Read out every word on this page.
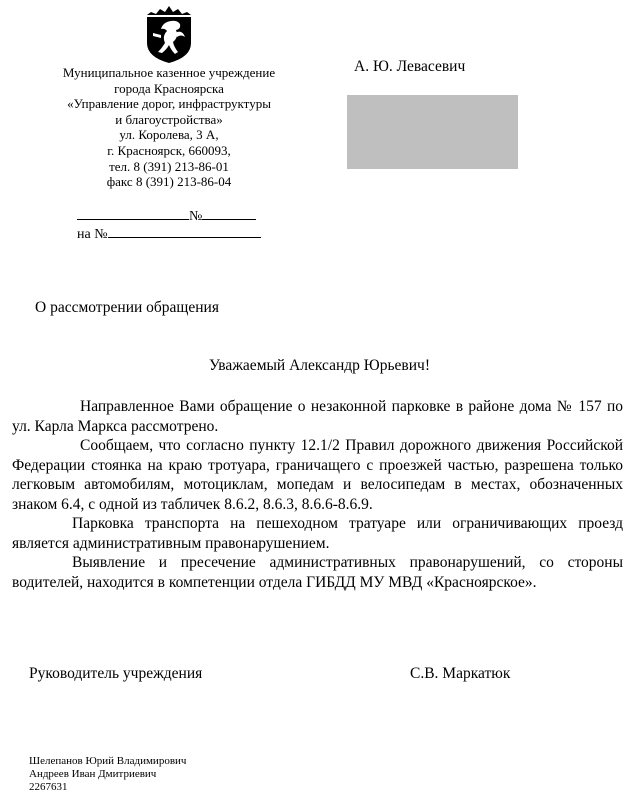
Муниципальное казенное учреждение
города Красноярска
«Управление дорог, инфраструктуры
и благоустройства»
ул. Королева, 3 А,
г. Красноярск, 660093,
тел. 8 (391) 213-86-01
факс 8 (391) 213-86-04
А. Ю. Левасевич
№
на №
О рассмотрении обращения
Уважаемый Александр Юрьевич!

Направленное Вами обращение о незаконной парковке в районе дома № 157 по ул. Карла Маркса рассмотрено.

Сообщаем, что согласно пункту 12.1/2 Правил дорожного движения Российской Федерации стоянка на краю тротуара, граничащего с проезжей частью, разрешена только легковым автомобилям, мотоциклам, мопедам и велосипедам в местах, обозначенных знаком 6.4, с одной из табличек 8.6.2, 8.6.3, 8.6.6-8.6.9.

Парковка транспорта на пешеходном тратуаре или ограничивающих проезд является административным правонарушением.

Выявление и пресечение административных правонарушений, со стороны водителей, находится в компетенции отдела ГИБДД МУ МВД «Красноярское».

Руководитель учреждения	С.В. Маркатюк
Шелепанов Юрий Владимирович
Андреев Иван Дмитриевич
2267631
